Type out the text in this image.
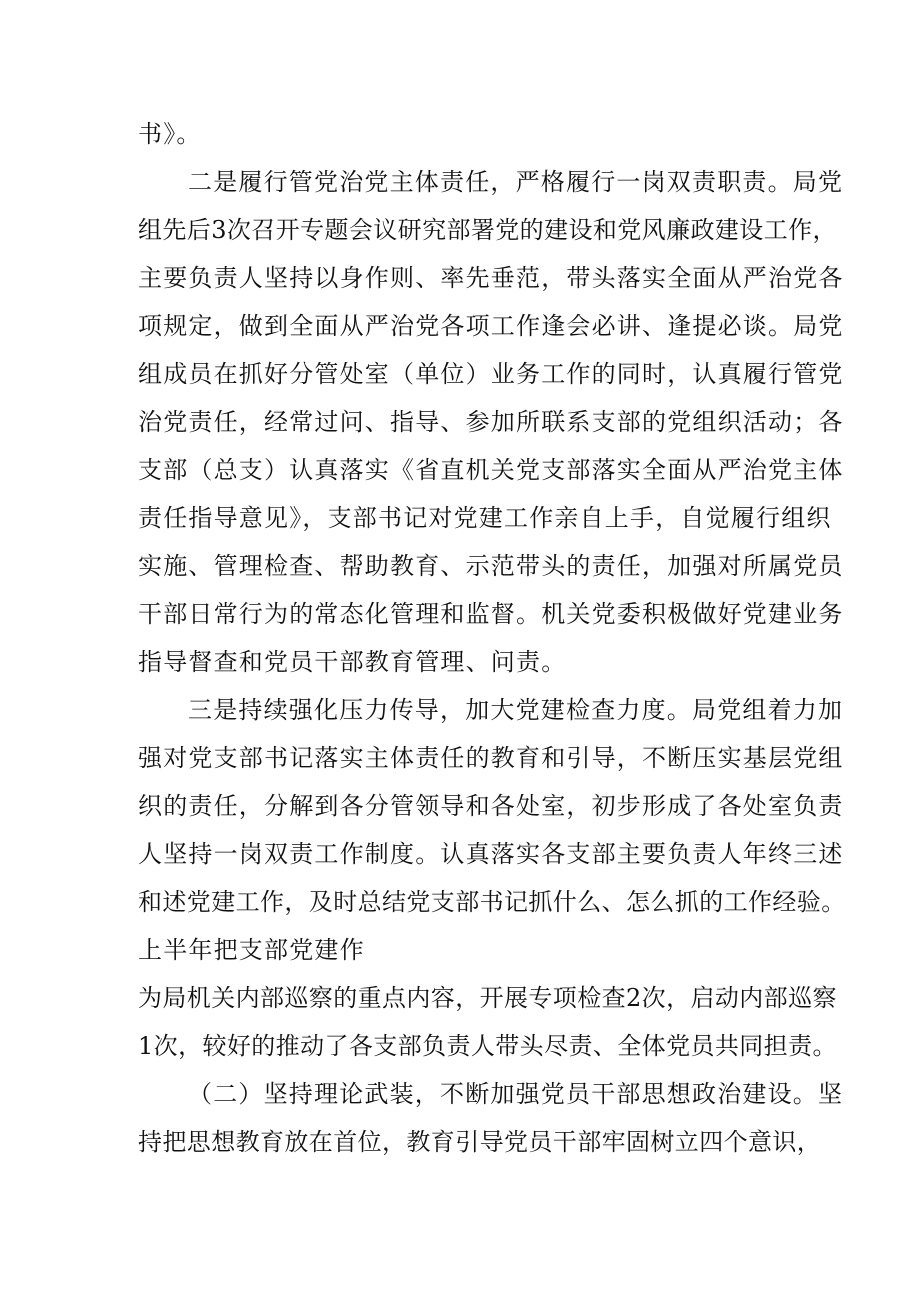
书》。
二是履行管党治党主体责任，严格履行一岗双责职责。局党
组先后3次召开专题会议研究部署党的建设和党风廉政建设工作，
主要负责人坚持以身作则、率先垂范，带头落实全面从严治党各
项规定，做到全面从严治党各项工作逢会必讲、逢提必谈。局党
组成员在抓好分管处室（单位）业务工作的同时，认真履行管党
治党责任，经常过问、指导、参加所联系支部的党组织活动；各
支部（总支）认真落实《省直机关党支部落实全面从严治党主体
责任指导意见》，支部书记对党建工作亲自上手，自觉履行组织
实施、管理检查、帮助教育、示范带头的责任，加强对所属党员
干部日常行为的常态化管理和监督。机关党委积极做好党建业务
指导督查和党员干部教育管理、问责。
三是持续强化压力传导，加大党建检查力度。局党组着力加
强对党支部书记落实主体责任的教育和引导，不断压实基层党组
织的责任，分解到各分管领导和各处室，初步形成了各处室负责
人坚持一岗双责工作制度。认真落实各支部主要负责人年终三述
和述党建工作，及时总结党支部书记抓什么、怎么抓的工作经验。
上半年把支部党建作
为局机关内部巡察的重点内容，开展专项检查2次，启动内部巡察
1次，较好的推动了各支部负责人带头尽责、全体党员共同担责。
（二）坚持理论武装，不断加强党员干部思想政治建设。坚
持把思想教育放在首位，教育引导党员干部牢固树立四个意识，
